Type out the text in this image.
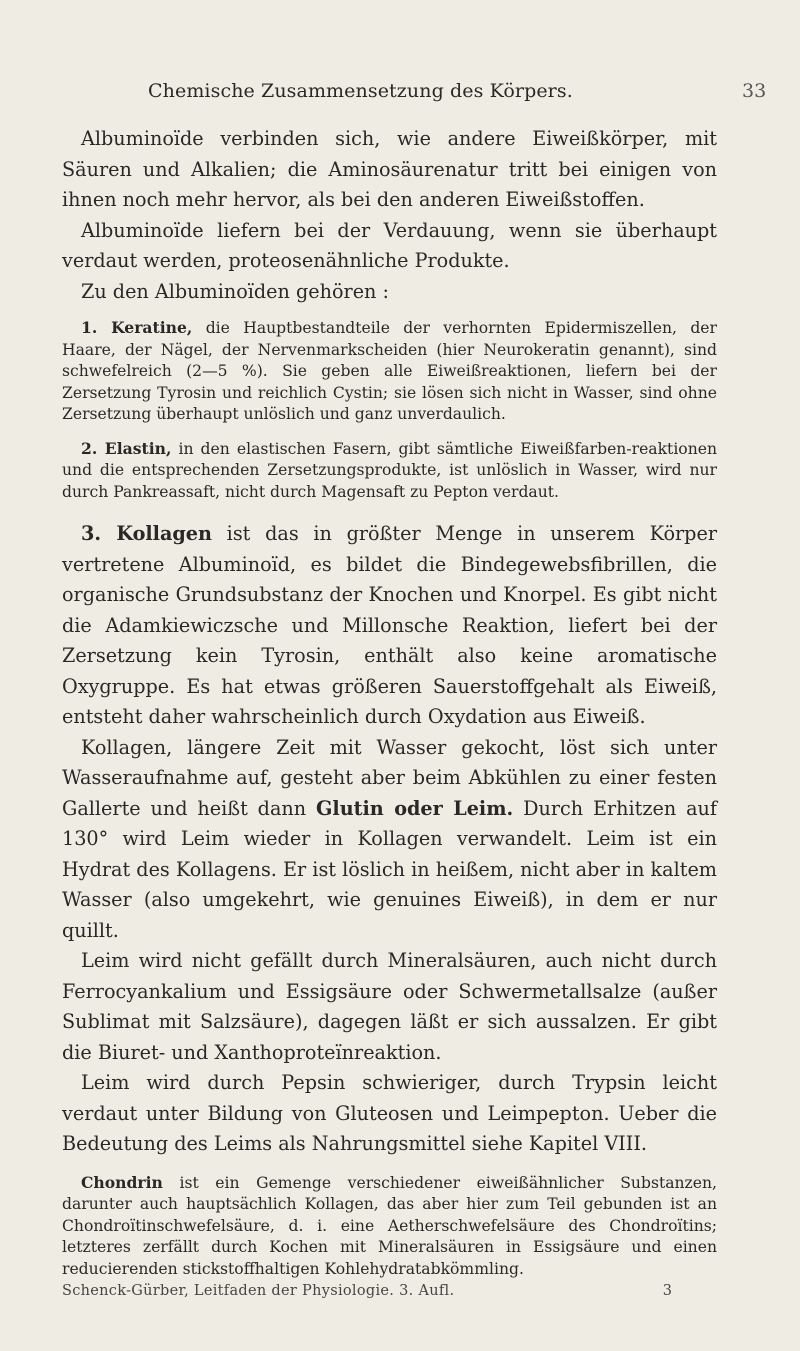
Chemische Zusammensetzung des Körpers.	33

Albuminoïde verbinden sich, wie andere Eiweißkörper, mit Säuren und Alkalien; die Aminosäurenatur tritt bei einigen von ihnen noch mehr hervor, als bei den anderen Eiweißstoffen.

Albuminoïde liefern bei der Verdauung, wenn sie überhaupt verdaut werden, proteosenähnliche Produkte.

Zu den Albuminoïden gehören :

1. Keratine, die Hauptbestandteile der verhornten Epidermiszellen, der Haare, der Nägel, der Nervenmarkscheiden (hier Neurokeratin genannt), sind schwefelreich (2—5 %). Sie geben alle Eiweißreaktionen, liefern bei der Zersetzung Tyrosin und reichlich Cystin; sie lösen sich nicht in Wasser, sind ohne Zersetzung überhaupt unlöslich und ganz unverdaulich.

2. Elastin, in den elastischen Fasern, gibt sämtliche Eiweißfarben-reaktionen und die entsprechenden Zersetzungsprodukte, ist unlöslich in Wasser, wird nur durch Pankreassaft, nicht durch Magensaft zu Pepton verdaut.

3. Kollagen ist das in größter Menge in unserem Körper vertretene Albuminoïd, es bildet die Bindegewebsfibrillen, die organische Grundsubstanz der Knochen und Knorpel. Es gibt nicht die Adamkiewiczsche und Millonsche Reaktion, liefert bei der Zersetzung kein Tyrosin, enthält also keine aromatische Oxygruppe. Es hat etwas größeren Sauerstoffgehalt als Eiweiß, entsteht daher wahrscheinlich durch Oxydation aus Eiweiß.

Kollagen, längere Zeit mit Wasser gekocht, löst sich unter Wasseraufnahme auf, gesteht aber beim Abkühlen zu einer festen Gallerte und heißt dann Glutin oder Leim. Durch Erhitzen auf 130° wird Leim wieder in Kollagen verwandelt. Leim ist ein Hydrat des Kollagens. Er ist löslich in heißem, nicht aber in kaltem Wasser (also umgekehrt, wie genuines Eiweiß), in dem er nur quillt.

Leim wird nicht gefällt durch Mineralsäuren, auch nicht durch Ferrocyankalium und Essigsäure oder Schwermetallsalze (außer Sublimat mit Salzsäure), dagegen läßt er sich aussalzen. Er gibt die Biuret- und Xanthoproteïnreaktion.

Leim wird durch Pepsin schwieriger, durch Trypsin leicht verdaut unter Bildung von Gluteosen und Leimpepton. Ueber die Bedeutung des Leims als Nahrungsmittel siehe Kapitel VIII.

Chondrin ist ein Gemenge verschiedener eiweißähnlicher Substanzen, darunter auch hauptsächlich Kollagen, das aber hier zum Teil gebunden ist an Chondroïtinschwefelsäure, d. i. eine Aetherschwefelsäure des Chondroïtins; letzteres zerfällt durch Kochen mit Mineralsäuren in Essigsäure und einen reducierenden stickstoffhaltigen Kohlehydratabkömmling.

Schenck-Gürber, Leitfaden der Physiologie. 3. Aufl.	3
